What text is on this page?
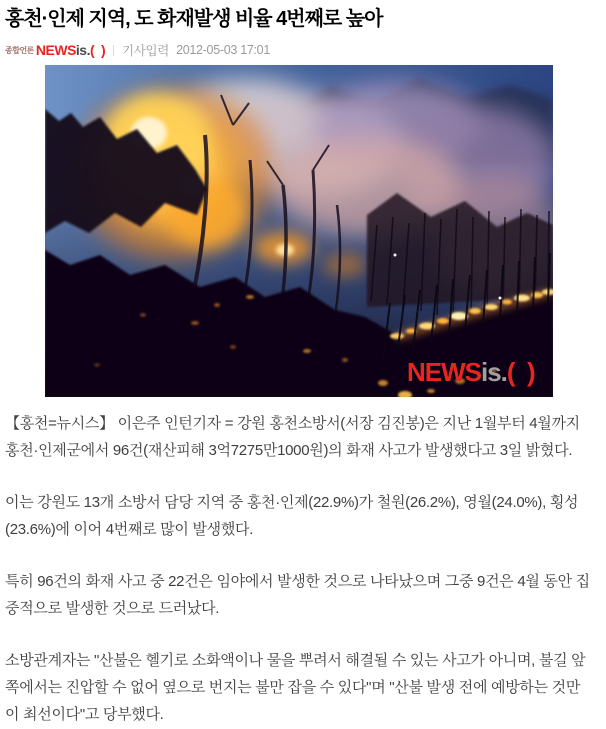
홍천·인제 지역, 도 화재발생 비율 4번째로 높아
종합언론 NEWS is. (  ) | 기사입력 2012-05-03 17:01
NEWSis.(  )

【홍천=뉴시스】 이은주 인턴기자 = 강원 홍천소방서(서장 김진봉)은 지난 1월부터 4월까지 홍천·인제군에서 96건(재산피해 3억7275만1000원)의 화재 사고가 발생했다고 3일 밝혔다.

이는 강원도 13개 소방서 담당 지역 중 홍천·인제(22.9%)가 철원(26.2%), 영월(24.0%), 횡성(23.6%)에 이어 4번째로 많이 발생했다.

특히 96건의 화재 사고 중 22건은 임야에서 발생한 것으로 나타났으며 그중 9건은 4월 동안 집중적으로 발생한 것으로 드러났다.

소방관계자는 "산불은 헬기로 소화액이나 물을 뿌려서 해결될 수 있는 사고가 아니며, 불길 앞쪽에서는 진압할 수 없어 옆으로 번지는 불만 잡을 수 있다"며 "산불 발생 전에 예방하는 것만이 최선이다"고 당부했다.
